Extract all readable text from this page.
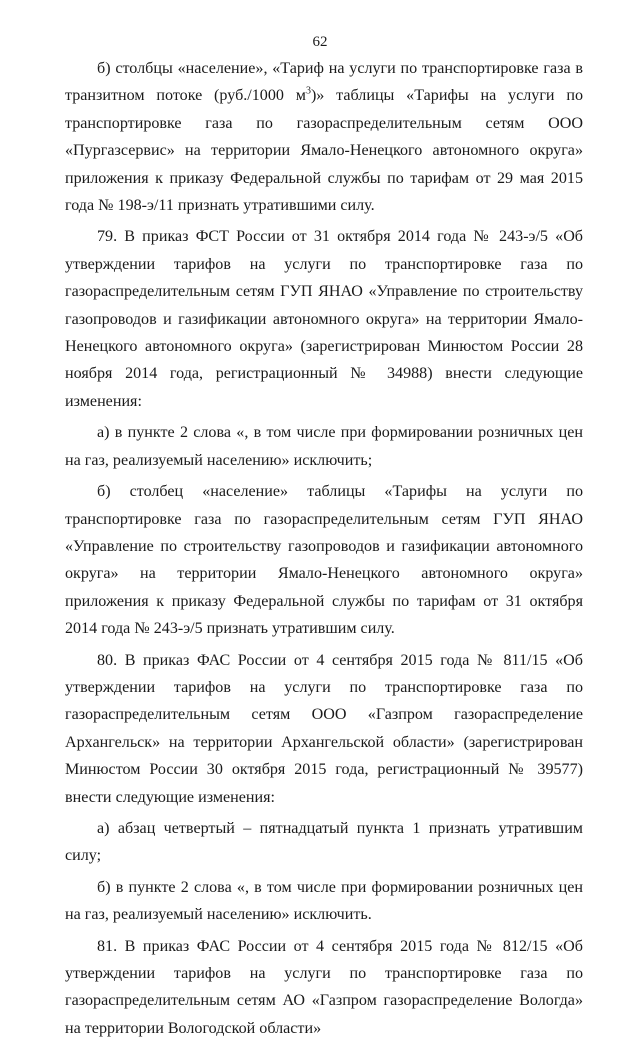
62

б) столбцы «население», «Тариф на услуги по транспортировке газа в транзитном потоке (руб./1000 $м^3$)» таблицы «Тарифы на услуги по транспортировке газа по газораспределительным сетям ООО «Пургазсервис» на территории Ямало-Ненецкого автономного округа» приложения к приказу Федеральной службы по тарифам от 29 мая 2015 года № 198-э/11 признать утратившими силу.

79. В приказ ФСТ России от 31 октября 2014 года № 243-э/5 «Об утверждении тарифов на услуги по транспортировке газа по газораспределительным сетям ГУП ЯНАО «Управление по строительству газопроводов и газификации автономного округа» на территории Ямало-Ненецкого автономного округа» (зарегистрирован Минюстом России 28 ноября 2014 года, регистрационный № 34988) внести следующие изменения:

а) в пункте 2 слова «, в том числе при формировании розничных цен на газ, реализуемый населению» исключить;

б) столбец «население» таблицы «Тарифы на услуги по транспортировке газа по газораспределительным сетям ГУП ЯНАО «Управление по строительству газопроводов и газификации автономного округа» на территории Ямало-Ненецкого автономного округа» приложения к приказу Федеральной службы по тарифам от 31 октября 2014 года № 243-э/5 признать утратившим силу.

80. В приказ ФАС России от 4 сентября 2015 года № 811/15 «Об утверждении тарифов на услуги по транспортировке газа по газораспределительным сетям ООО «Газпром газораспределение Архангельск» на территории Архангельской области» (зарегистрирован Минюстом России 30 октября 2015 года, регистрационный № 39577) внести следующие изменения:

а) абзац четвертый – пятнадцатый пункта 1 признать утратившим силу;

б) в пункте 2 слова «, в том числе при формировании розничных цен на газ, реализуемый населению» исключить.

81. В приказ ФАС России от 4 сентября 2015 года № 812/15 «Об утверждении тарифов на услуги по транспортировке газа по газораспределительным сетям АО «Газпром газораспределение Вологда» на территории Вологодской области»
